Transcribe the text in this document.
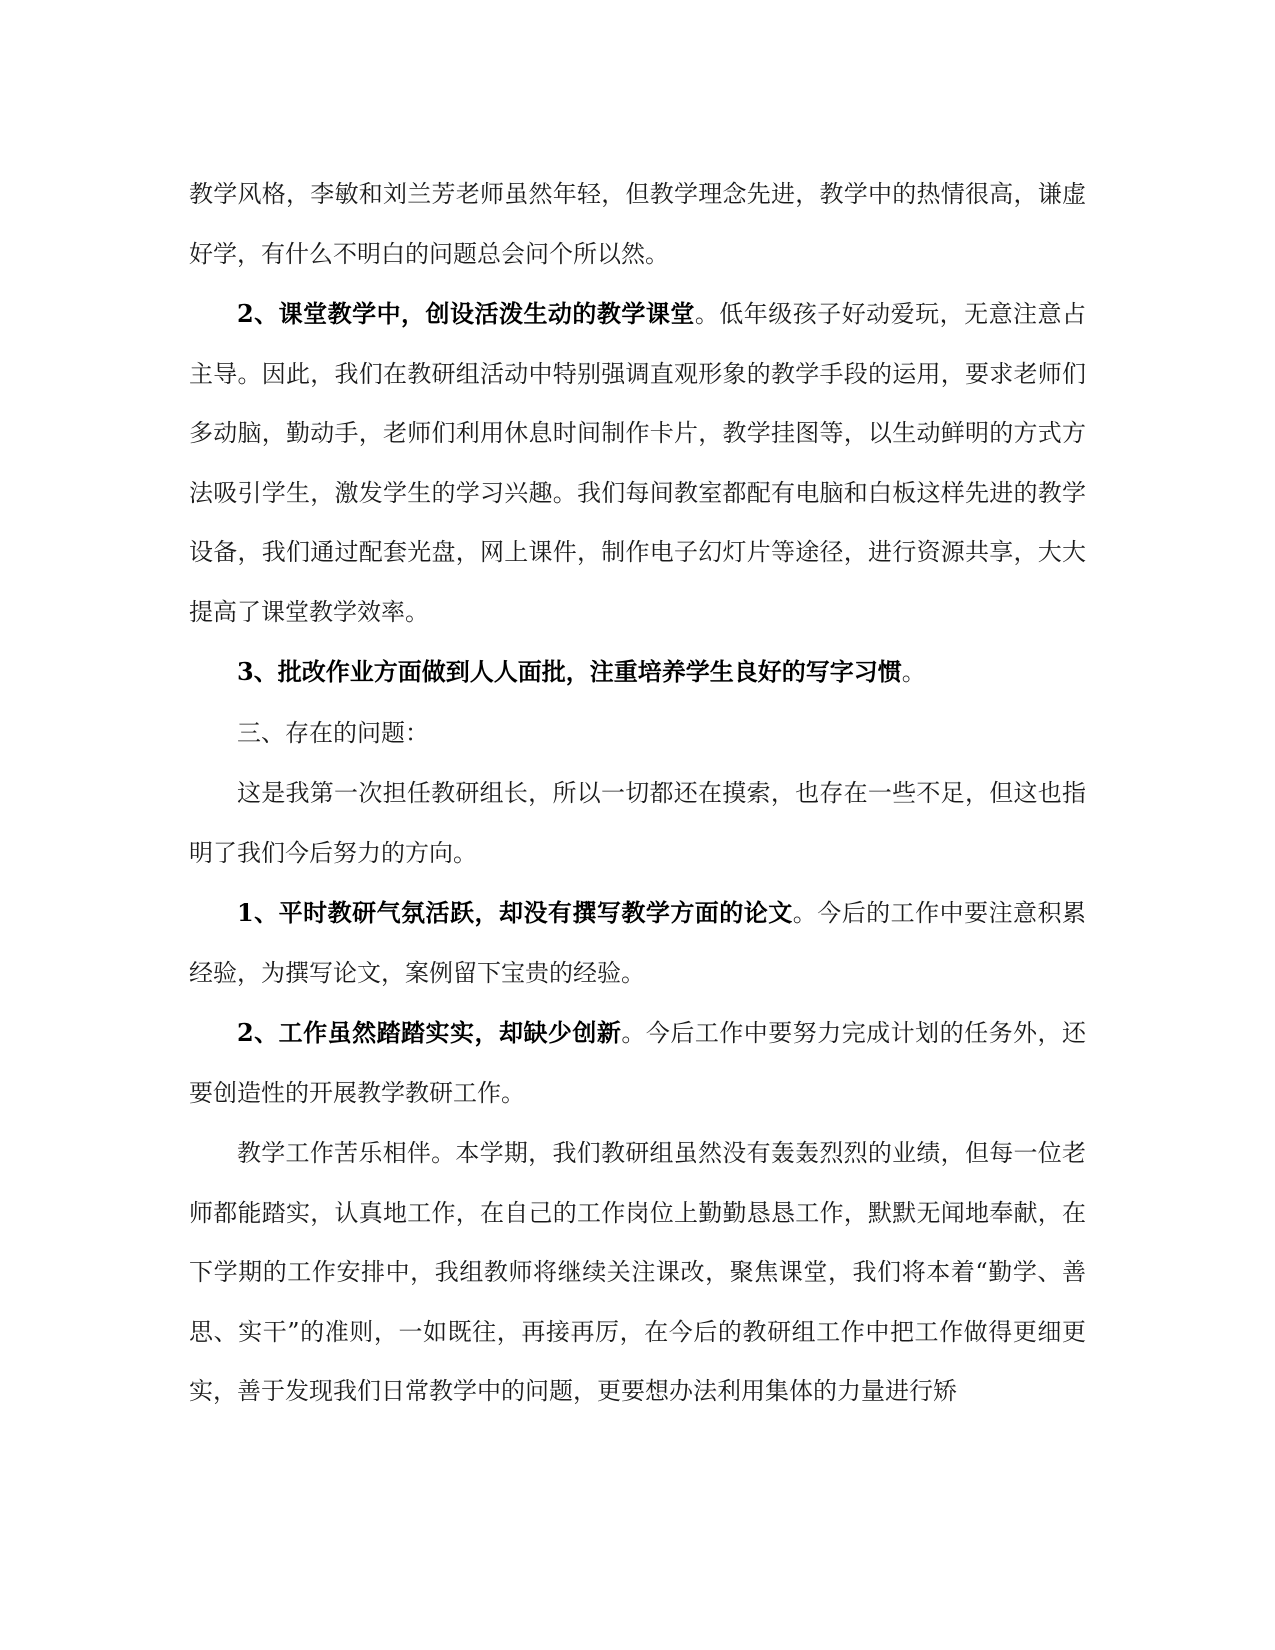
教学风格，李敏和刘兰芳老师虽然年轻，但教学理念先进，教学中的热情很高，谦虚好学，有什么不明白的问题总会问个所以然。

2、课堂教学中，创设活泼生动的教学课堂。低年级孩子好动爱玩，无意注意占主导。因此，我们在教研组活动中特别强调直观形象的教学手段的运用，要求老师们多动脑，勤动手，老师们利用休息时间制作卡片，教学挂图等，以生动鲜明的方式方法吸引学生，激发学生的学习兴趣。我们每间教室都配有电脑和白板这样先进的教学设备，我们通过配套光盘，网上课件，制作电子幻灯片等途径，进行资源共享，大大提高了课堂教学效率。

3、批改作业方面做到人人面批，注重培养学生良好的写字习惯。

三、存在的问题：

这是我第一次担任教研组长，所以一切都还在摸索，也存在一些不足，但这也指明了我们今后努力的方向。

1、平时教研气氛活跃，却没有撰写教学方面的论文。今后的工作中要注意积累经验，为撰写论文，案例留下宝贵的经验。

2、工作虽然踏踏实实，却缺少创新。今后工作中要努力完成计划的任务外，还要创造性的开展教学教研工作。

教学工作苦乐相伴。本学期，我们教研组虽然没有轰轰烈烈的业绩，但每一位老师都能踏实，认真地工作，在自己的工作岗位上勤勤恳恳工作，默默无闻地奉献，在下学期的工作安排中，我组教师将继续关注课改，聚焦课堂，我们将本着“勤学、善思、实干”的准则，一如既往，再接再厉，在今后的教研组工作中把工作做得更细更实，善于发现我们日常教学中的问题，更要想办法利用集体的力量进行矫
